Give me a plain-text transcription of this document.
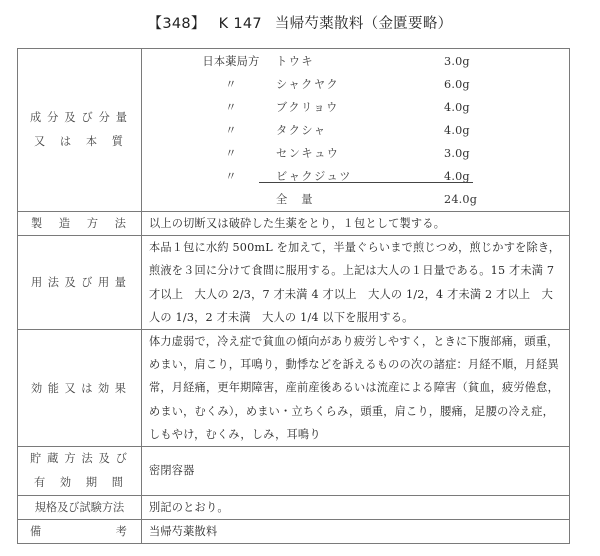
【348】 K 147 当帰芍薬散料（金匱要略）
成分及び分量
又 は 本 質

日本薬局方	トウキ	3.0g
〃	シャクヤク	6.0g
〃	ブクリョウ	4.0g
〃	タクシャ	4.0g
〃	センキュウ	3.0g
〃	ビャクジュツ	4.0g
全量	24.0g

製造方法	以上の切断又は破砕した生薬をとり，１包として製する。

用法及び用量	本品１包に水約 500mL を加えて，半量ぐらいまで煎じつめ，煎じかすを除き，煎液を３回に分けて食間に服用する。上記は大人の１日量である。15 才未満 7 才以上　大人の 2/3，7 才未満 4 才以上　大人の 1/2，4 才未満 2 才以上　大人の 1/3，2 才未満　大人の 1/4 以下を服用する。

効能又は効果	体力虚弱で，冷え症で貧血の傾向があり疲労しやすく，ときに下腹部痛，頭重，めまい，肩こり，耳鳴り，動悸などを訴えるものの次の諸症：月経不順，月経異常，月経痛，更年期障害，産前産後あるいは流産による障害（貧血，疲労倦怠，めまい，むくみ），めまい・立ちくらみ，頭重，肩こり，腰痛，足腰の冷え症，しもやけ，むくみ，しみ，耳鳴り

貯蔵方法及び
有効期間	密閉容器
規格及び試験方法	別記のとおり。

備考	当帰芍薬散料
